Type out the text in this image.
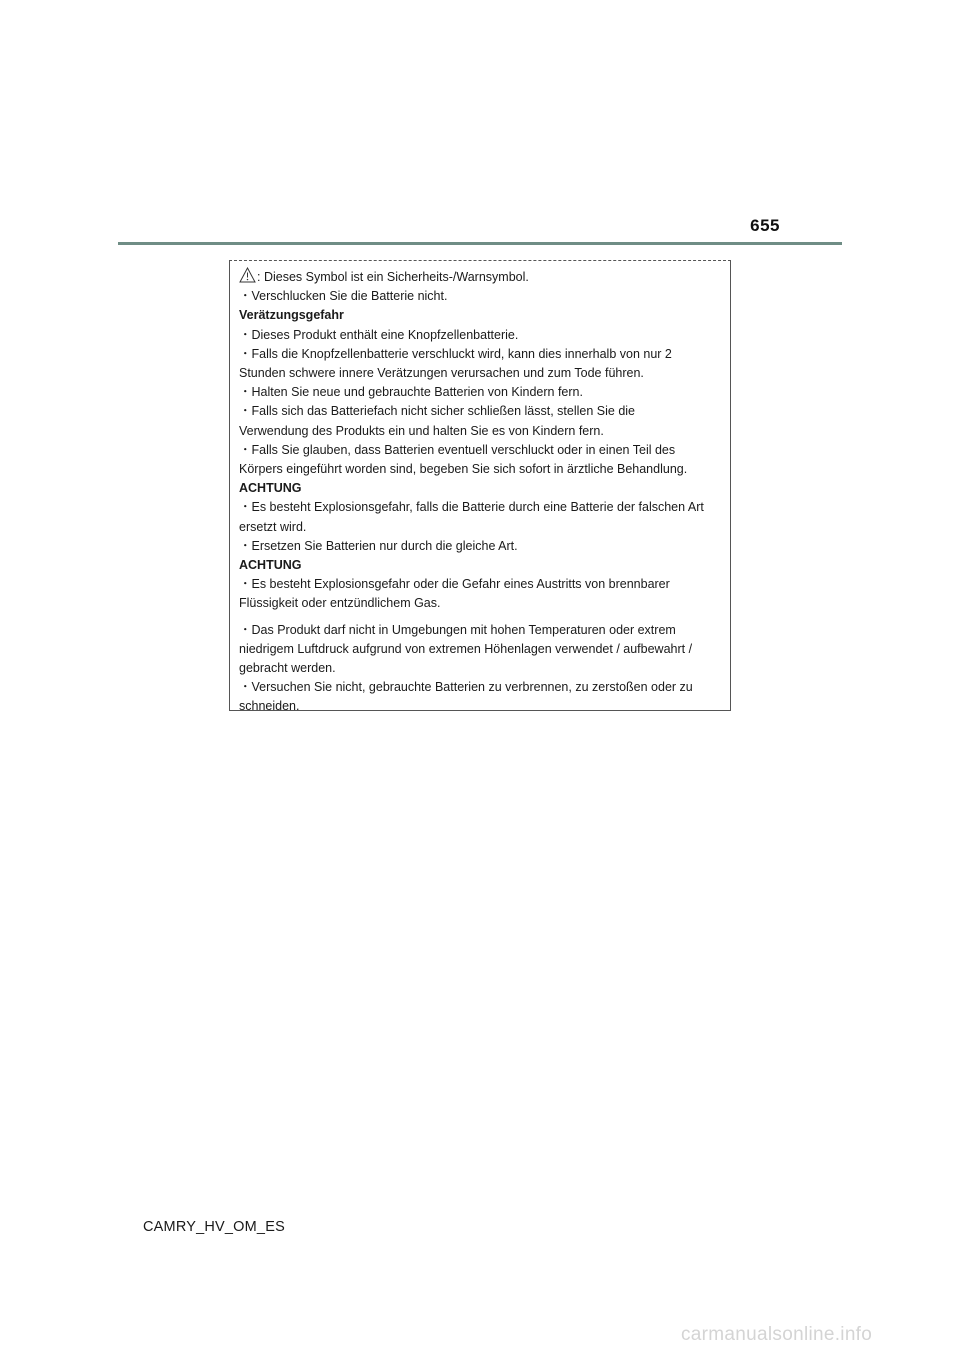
655
: Dieses Symbol ist ein Sicherheits-/Warnsymbol.
・Verschlucken Sie die Batterie nicht.
Verätzungsgefahr
・Dieses Produkt enthält eine Knopfzellenbatterie.
・Falls die Knopfzellenbatterie verschluckt wird, kann dies innerhalb von nur 2
Stunden schwere innere Verätzungen verursachen und zum Tode führen.
・Halten Sie neue und gebrauchte Batterien von Kindern fern.
・Falls sich das Batteriefach nicht sicher schließen lässt, stellen Sie die
Verwendung des Produkts ein und halten Sie es von Kindern fern.
・Falls Sie glauben, dass Batterien eventuell verschluckt oder in einen Teil des
Körpers eingeführt worden sind, begeben Sie sich sofort in ärztliche Behandlung.
ACHTUNG
・Es besteht Explosionsgefahr, falls die Batterie durch eine Batterie der falschen Art
ersetzt wird.
・Ersetzen Sie Batterien nur durch die gleiche Art.
ACHTUNG
・Es besteht Explosionsgefahr oder die Gefahr eines Austritts von brennbarer
Flüssigkeit oder entzündlichem Gas.
・Das Produkt darf nicht in Umgebungen mit hohen Temperaturen oder extrem
niedrigem Luftdruck aufgrund von extremen Höhenlagen verwendet / aufbewahrt /
gebracht werden.
・Versuchen Sie nicht, gebrauchte Batterien zu verbrennen, zu zerstoßen oder zu
schneiden.
CAMRY_HV_OM_ES
carmanualsonline.info
